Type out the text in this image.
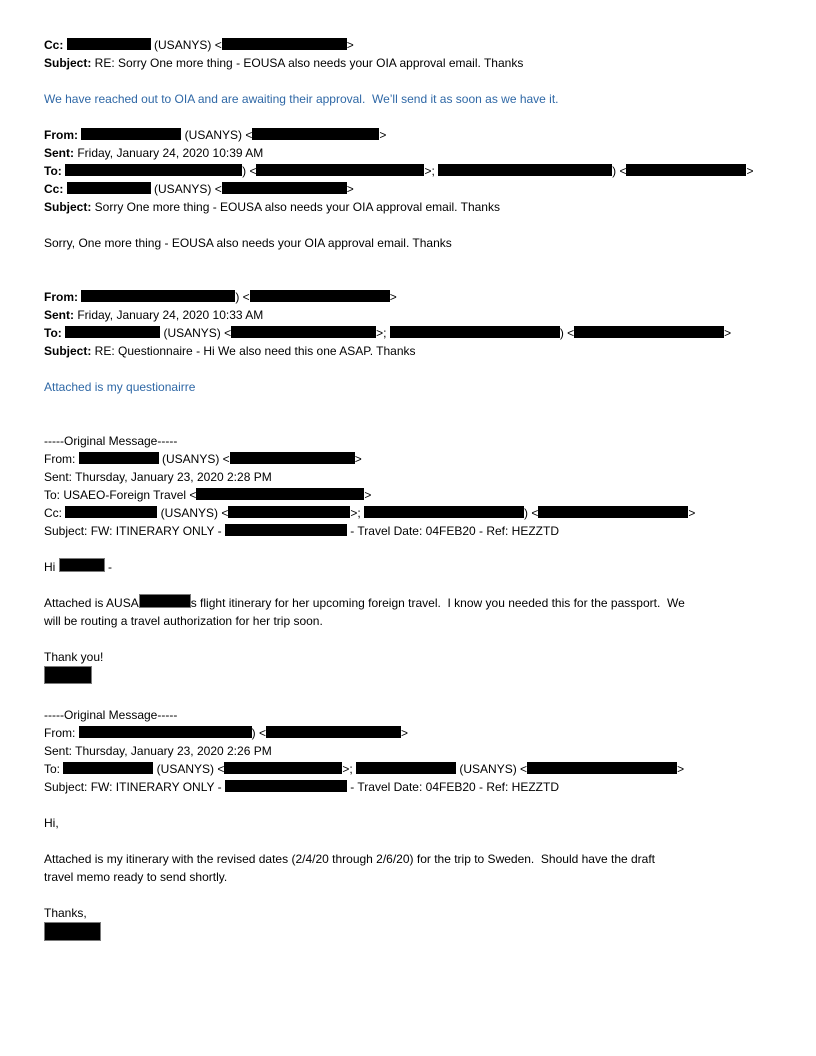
Cc:	(USANYS) <	>
Subject: RE: Sorry One more thing - EOUSA also needs your OIA approval email. Thanks
We have reached out to OIA and are awaiting their approval.  We’ll send it as soon as we have it.
From:	(USANYS) <	>
Sent: Friday, January 24, 2020 10:39 AM
To:	) <	>;	) <	>
Cc:	(USANYS) <	>
Subject: Sorry One more thing - EOUSA also needs your OIA approval email. Thanks
Sorry, One more thing - EOUSA also needs your OIA approval email. Thanks
From:	) <	>
Sent: Friday, January 24, 2020 10:33 AM
To:	(USANYS) <	>;	) <	>
Subject: RE: Questionnaire - Hi We also need this one ASAP. Thanks
Attached is my questionairre
-----Original Message-----
From:	(USANYS) <	>
Sent: Thursday, January 23, 2020 2:28 PM
To: USAEO-Foreign Travel <	>
Cc:	(USANYS) <	>;	) <	>
Subject: FW: ITINERARY ONLY -	- Travel Date: 04FEB20 - Ref: HEZZTD
Hi	-
Attached is AUSA	s flight itinerary for her upcoming foreign travel.  I know you needed this for the passport.  We
will be routing a travel authorization for her trip soon.
Thank you!
-----Original Message-----
From:	) <	>
Sent: Thursday, January 23, 2020 2:26 PM
To:	(USANYS) <	>;	(USANYS) <	>
Subject: FW: ITINERARY ONLY -	- Travel Date: 04FEB20 - Ref: HEZZTD
Hi,
Attached is my itinerary with the revised dates (2/4/20 through 2/6/20) for the trip to Sweden.  Should have the draft
travel memo ready to send shortly.
Thanks,
